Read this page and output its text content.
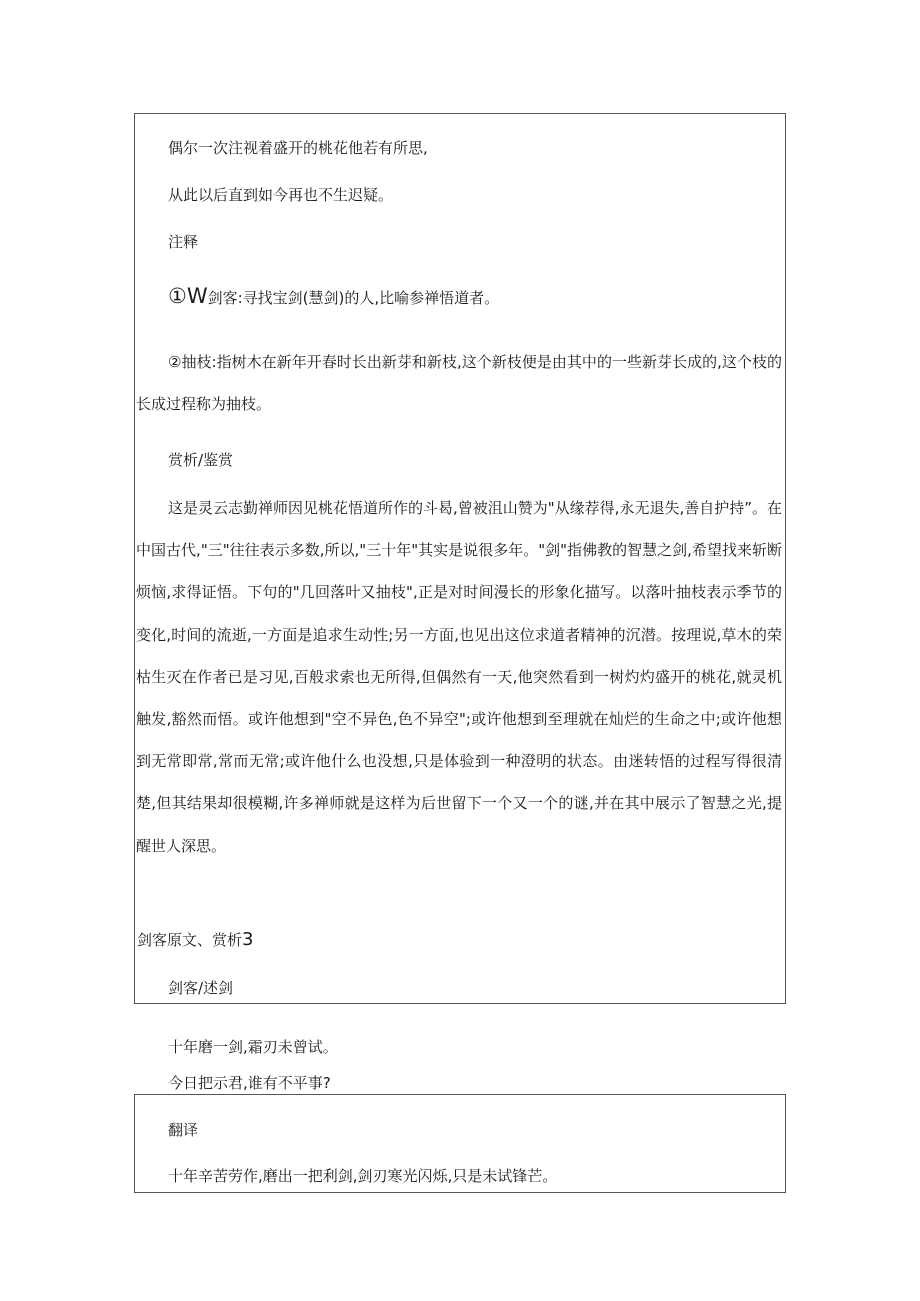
偶尔一次注视着盛开的桃花他若有所思,

从此以后直到如今再也不生迟疑。

注释

①W剑客:寻找宝剑(慧剑)的人,比喻参禅悟道者。

②抽枝:指树木在新年开春时长出新芽和新枝,这个新枝便是由其中的一些新芽长成的,这个枝的长成过程称为抽枝。

赏析/鉴赏

这是灵云志勤禅师因见桃花悟道所作的斗曷,曾被沮山赞为"从缘荐得,永无退失,善自护持”。在中国古代,"三"往往表示多数,所以,"三十年"其实是说很多年。"剑"指佛教的智慧之剑,希望找来斩断烦恼,求得证悟。下句的"几回落叶又抽枝",正是对时间漫长的形象化描写。以落叶抽枝表示季节的变化,时间的流逝,一方面是追求生动性;另一方面,也见出这位求道者精神的沉潜。按理说,草木的荣枯生灭在作者已是习见,百般求索也无所得,但偶然有一天,他突然看到一树灼灼盛开的桃花,就灵机触发,豁然而悟。或许他想到"空不异色,色不异空";或许他想到至理就在灿烂的生命之中;或许他想到无常即常,常而无常;或许他什么也没想,只是体验到一种澄明的状态。由迷转悟的过程写得很清楚,但其结果却很模糊,许多禅师就是这样为后世留下一个又一个的谜,并在其中展示了智慧之光,提醒世人深思。

剑客原文、赏析3

剑客/述剑

十年磨一剑,霜刃未曾试。

今日把示君,谁有不平事?

翻译

十年辛苦劳作,磨出一把利剑,剑刃寒光闪烁,只是未试锋芒。
